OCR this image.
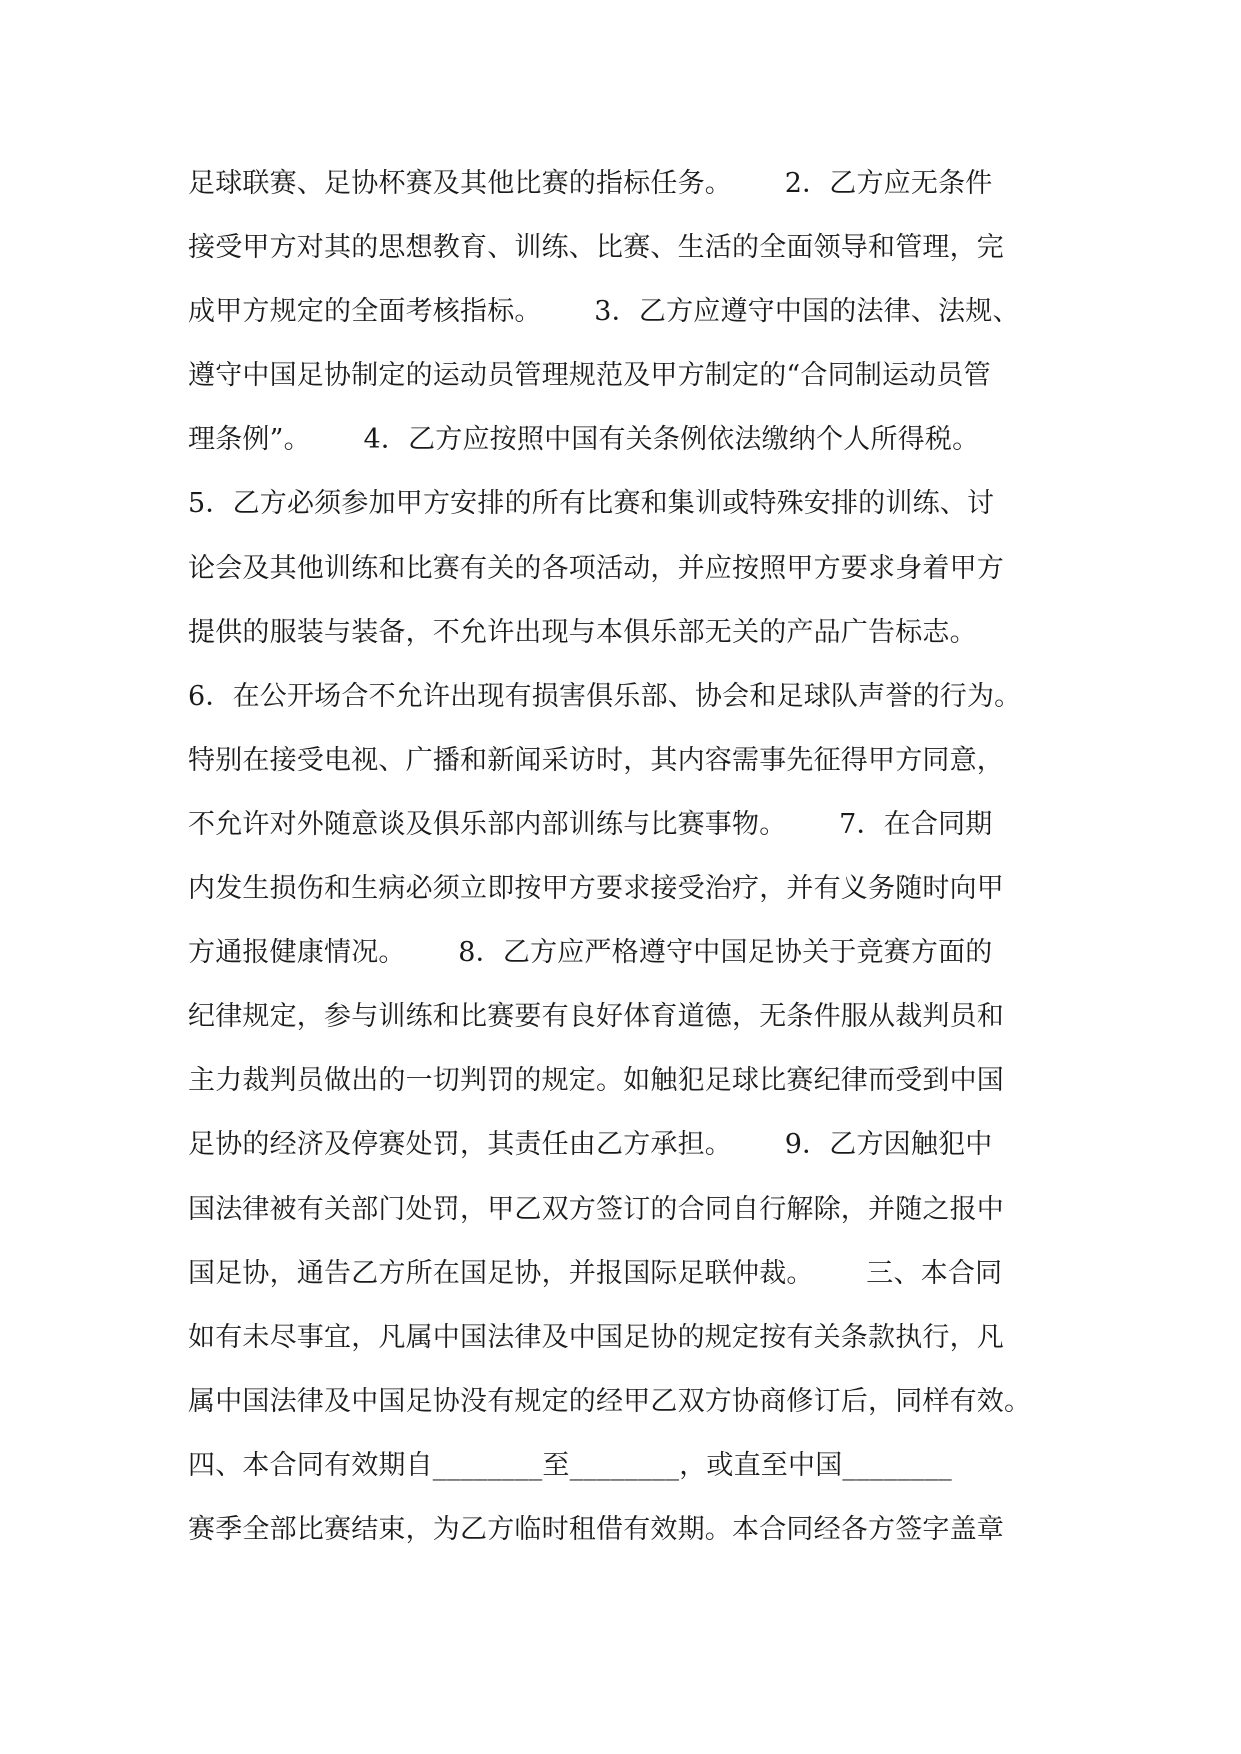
足球联赛、足协杯赛及其他比赛的指标任务。      2．乙方应无条件
接受甲方对其的思想教育、训练、比赛、生活的全面领导和管理，完
成甲方规定的全面考核指标。      3．乙方应遵守中国的法律、法规、
遵守中国足协制定的运动员管理规范及甲方制定的“合同制运动员管
理条例”。      4．乙方应按照中国有关条例依法缴纳个人所得税。
5．乙方必须参加甲方安排的所有比赛和集训或特殊安排的训练、讨
论会及其他训练和比赛有关的各项活动，并应按照甲方要求身着甲方
提供的服装与装备，不允许出现与本俱乐部无关的产品广告标志。
6．在公开场合不允许出现有损害俱乐部、协会和足球队声誉的行为。
特别在接受电视、广播和新闻采访时，其内容需事先征得甲方同意，
不允许对外随意谈及俱乐部内部训练与比赛事物。      7．在合同期
内发生损伤和生病必须立即按甲方要求接受治疗，并有义务随时向甲
方通报健康情况。      8．乙方应严格遵守中国足协关于竞赛方面的
纪律规定，参与训练和比赛要有良好体育道德，无条件服从裁判员和
主力裁判员做出的一切判罚的规定。如触犯足球比赛纪律而受到中国
足协的经济及停赛处罚，其责任由乙方承担。      9．乙方因触犯中
国法律被有关部门处罚，甲乙双方签订的合同自行解除，并随之报中
国足协，通告乙方所在国足协，并报国际足联仲裁。      三、本合同
如有未尽事宜，凡属中国法律及中国足协的规定按有关条款执行，凡
属中国法律及中国足协没有规定的经甲乙双方协商修订后，同样有效。
四、本合同有效期自________至________，或直至中国________
赛季全部比赛结束，为乙方临时租借有效期。本合同经各方签字盖章
